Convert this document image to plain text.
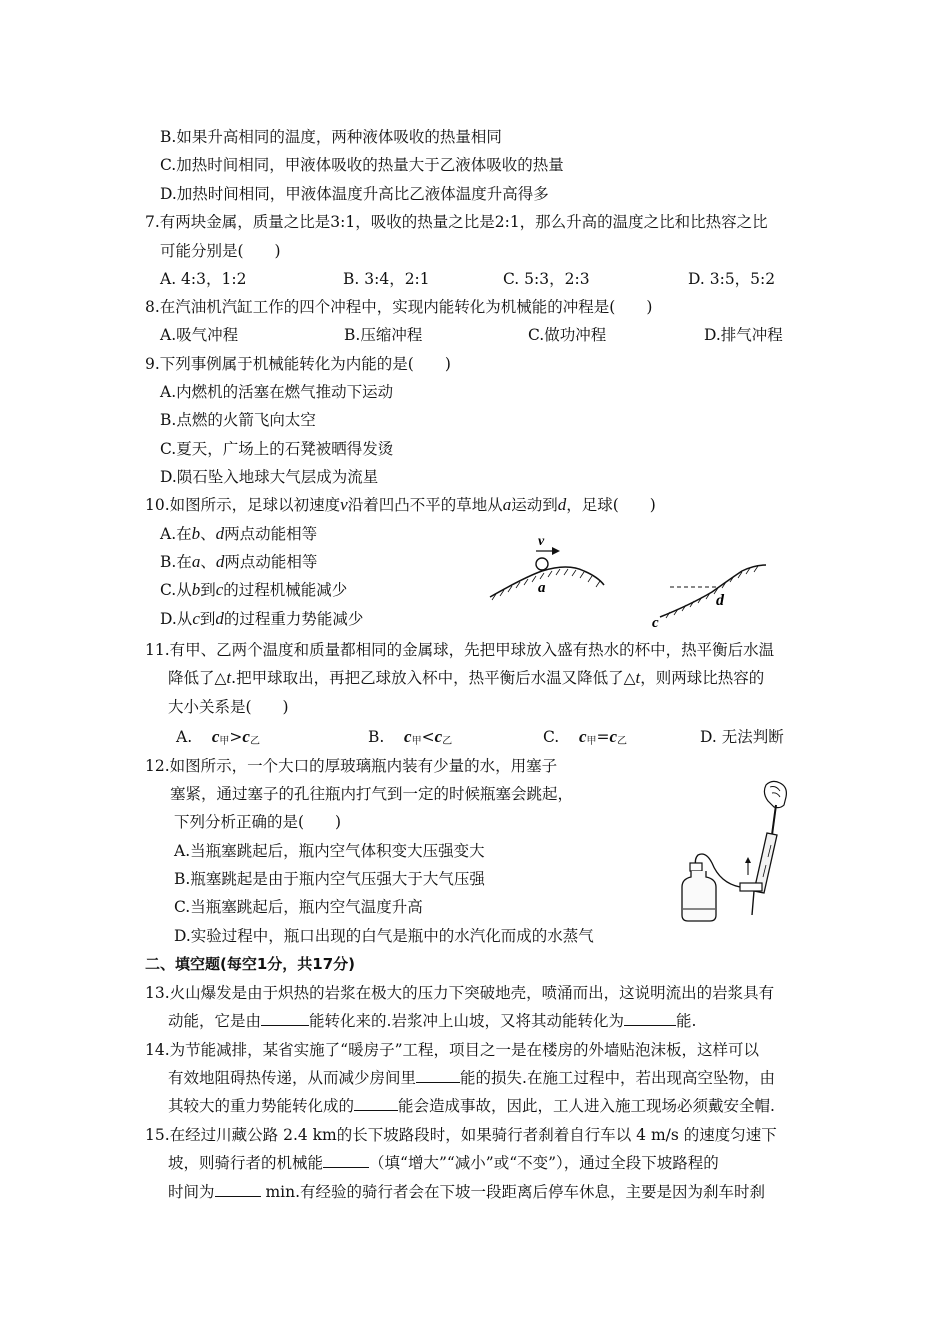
B.如果升高相同的温度，两种液体吸收的热量相同
C.加热时间相同，甲液体吸收的热量大于乙液体吸收的热量
D.加热时间相同，甲液体温度升高比乙液体温度升高得多
7.有两块金属，质量之比是3:1，吸收的热量之比是2:1，那么升高的温度之比和比热容之比
可能分别是(　　)
A. 4:3，1:2	B. 3:4，2:1	C. 5:3，2:3	D. 3:5，5:2
8.在汽油机汽缸工作的四个冲程中，实现内能转化为机械能的冲程是(　　)
A.吸气冲程	B.压缩冲程	C.做功冲程	D.排气冲程
9.下列事例属于机械能转化为内能的是(　　)
A.内燃机的活塞在燃气推动下运动
B.点燃的火箭飞向太空
C.夏天，广场上的石凳被晒得发烫
D.陨石坠入地球大气层成为流星
10.如图所示，足球以初速度v沿着凹凸不平的草地从a运动到d，足球(　　)
A.在b、d两点动能相等
B.在a、d两点动能相等
C.从b到c的过程机械能减少
D.从c到d的过程重力势能减少
v
a
c
d
11.有甲、乙两个温度和质量都相同的金属球，先把甲球放入盛有热水的杯中，热平衡后水温
降低了△t.把甲球取出，再把乙球放入杯中，热平衡后水温又降低了△t，则两球比热容的
大小关系是(　　)
A. $c_甲>c_乙$	B. $c_甲<c_乙$	C. $c_甲=c_乙$	D. 无法判断
12.如图所示，一个大口的厚玻璃瓶内装有少量的水，用塞子
塞紧，通过塞子的孔往瓶内打气到一定的时候瓶塞会跳起，
下列分析正确的是(　　)
A.当瓶塞跳起后，瓶内空气体积变大压强变大
B.瓶塞跳起是由于瓶内空气压强大于大气压强
C.当瓶塞跳起后，瓶内空气温度升高
D.实验过程中，瓶口出现的白气是瓶中的水汽化而成的水蒸气
二、填空题(每空1分，共17分)
13.火山爆发是由于炽热的岩浆在极大的压力下突破地壳，喷涌而出，这说明流出的岩浆具有
动能，它是由	能转化来的.岩浆冲上山坡，又将其动能转化为	能.
14.为节能减排，某省实施了“暖房子”工程，项目之一是在楼房的外墙贴泡沫板，这样可以
有效地阻碍热传递，从而减少房间里	能的损失.在施工过程中，若出现高空坠物，由
其较大的重力势能转化成的	能会造成事故，因此，工人进入施工现场必须戴安全帽.
15.在经过川藏公路 2.4 km的长下坡路段时，如果骑行者刹着自行车以 4 m/s 的速度匀速下
坡，则骑行者的机械能	（填“增大”“减小”或“不变”），通过全段下坡路程的
时间为	min.有经验的骑行者会在下坡一段距离后停车休息，主要是因为刹车时刹
